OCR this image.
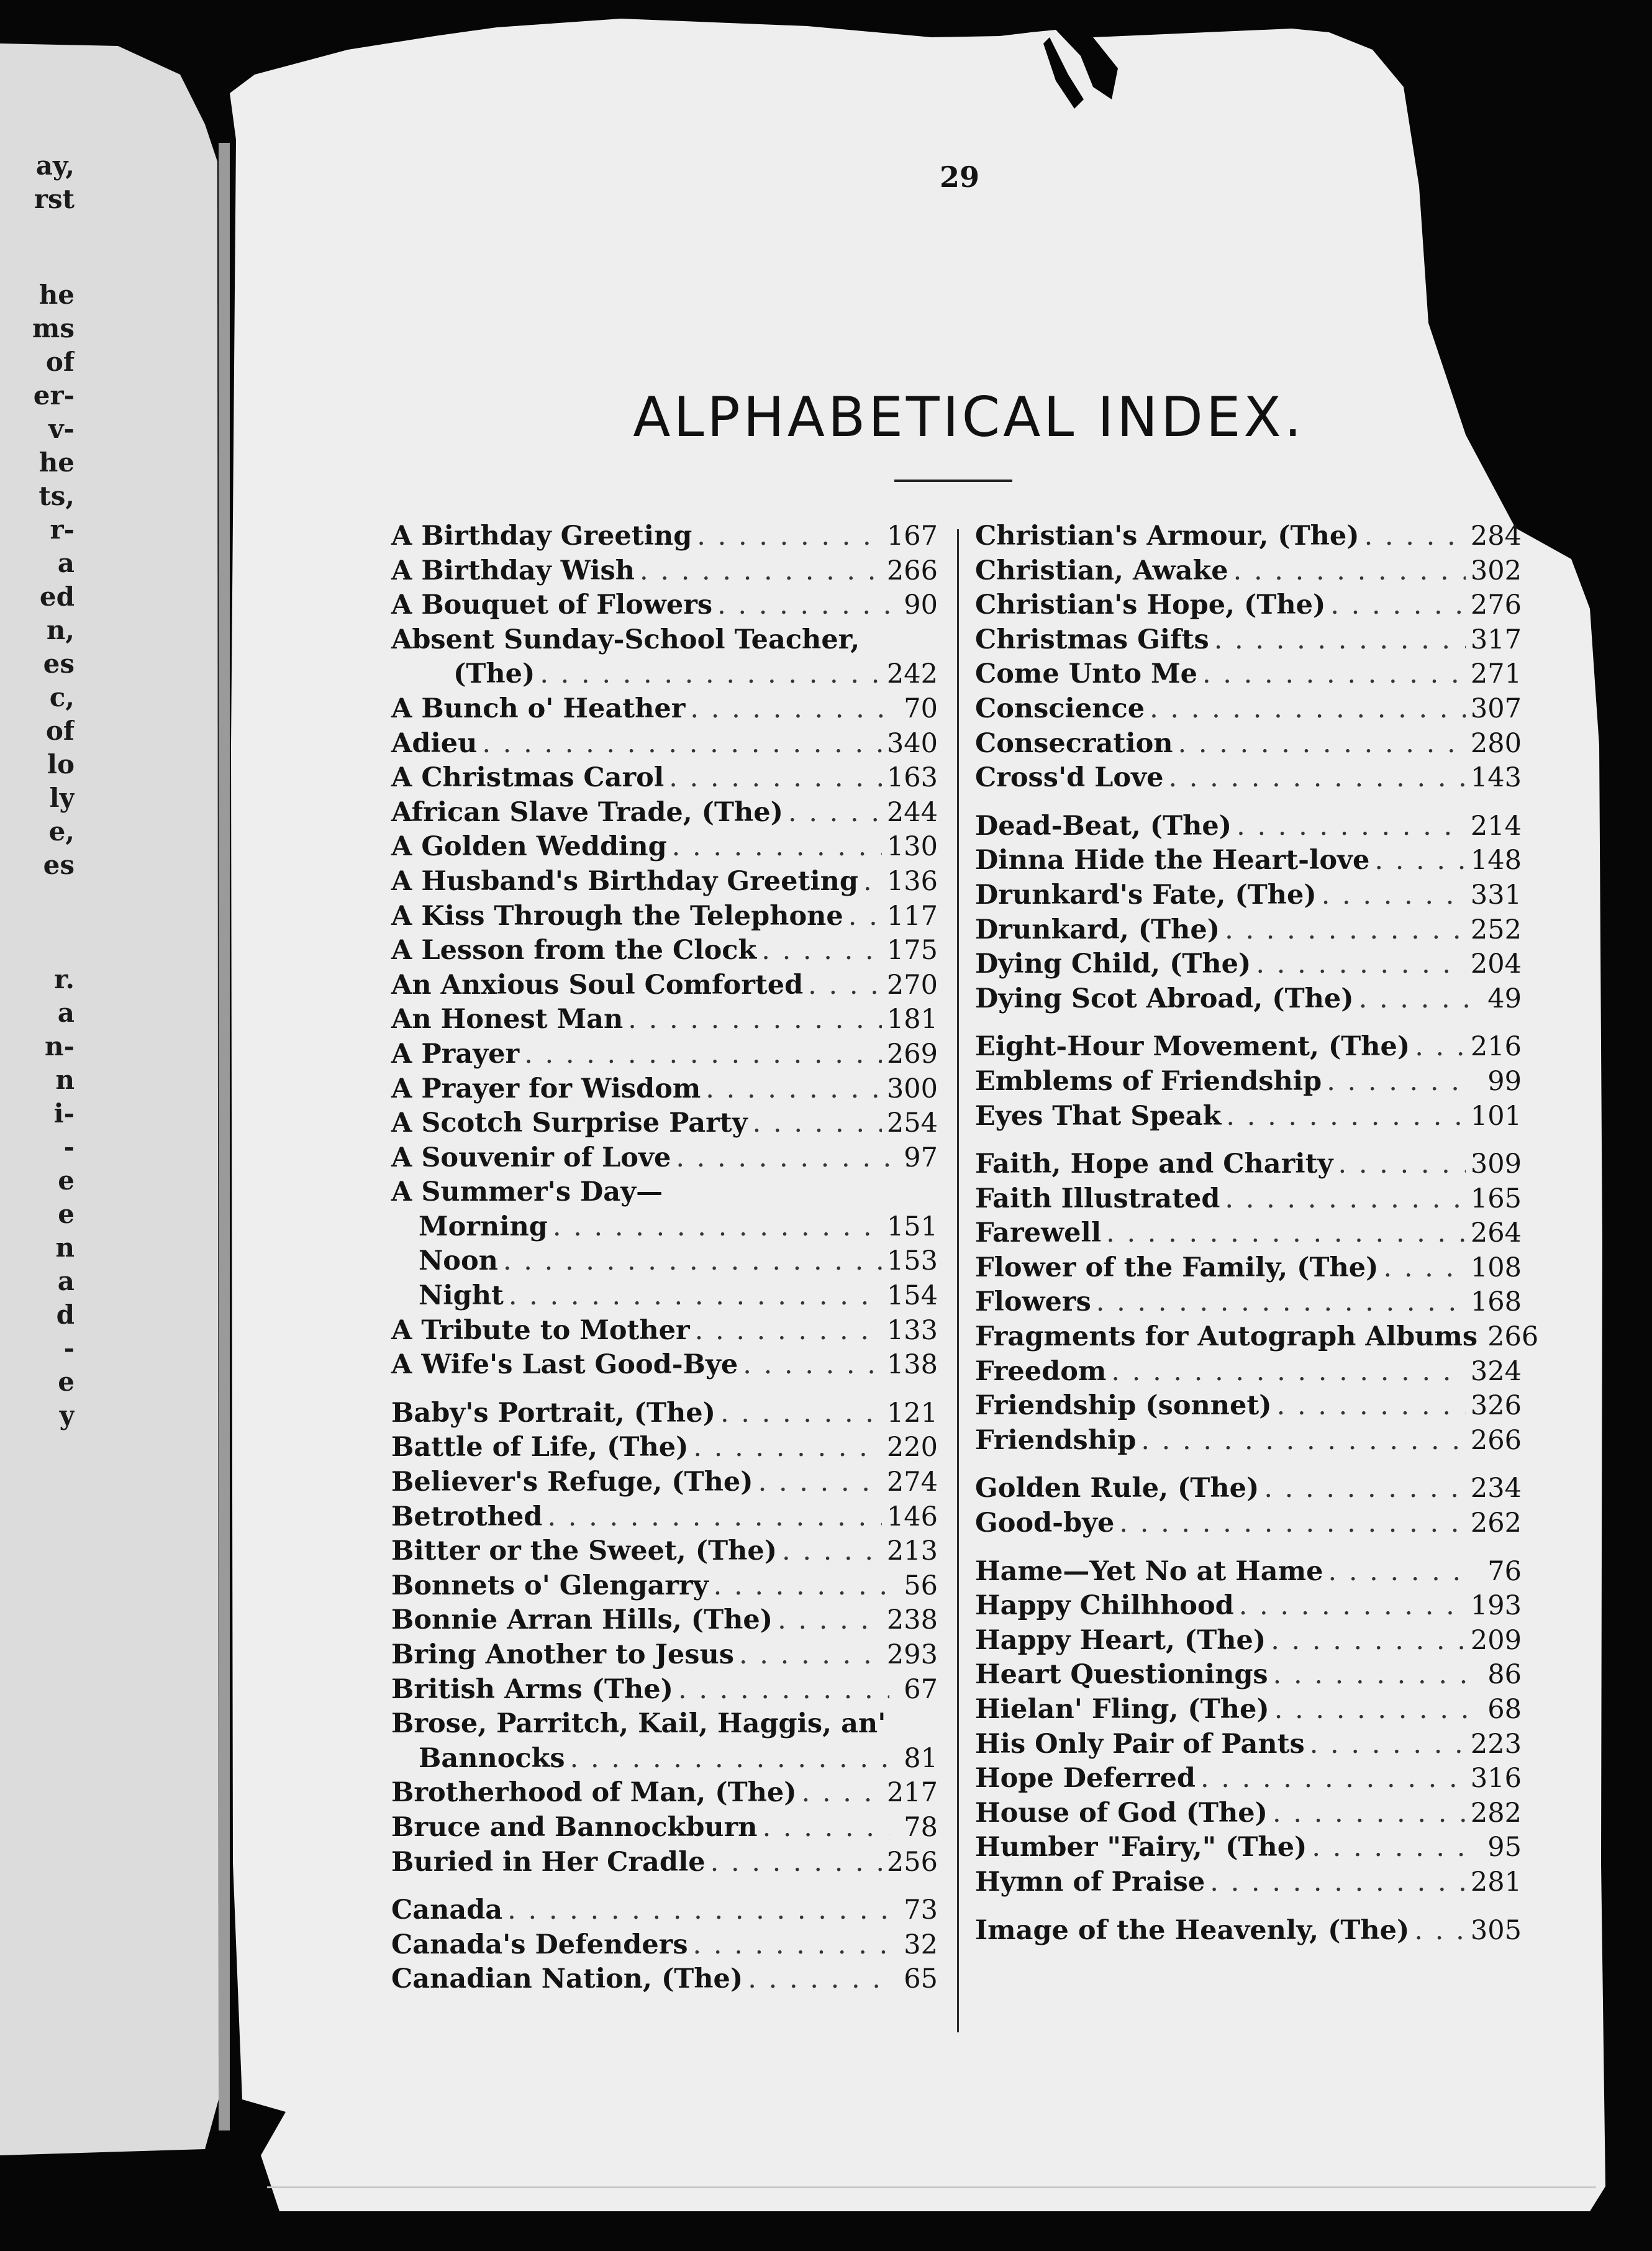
ay,
rst
he
ms
of
er-
v-
he
ts,
r-
a
ed
n,
es
c,
of
lo
ly
e,
es
r.
a
n-
n
i-
-
e
e
n
a
d
-
e
y
29
ALPHABETICAL INDEX.
A Birthday Greeting . . .	167
A Birthday Wish . . .	266
A Bouquet of Flowers . . .	90
Absent Sunday-School Teacher,
(The) . . .	242
A Bunch o' Heather . . .	70
Adieu . . .	340
A Christmas Carol . . .	163
African Slave Trade, (The) . . .	244
A Golden Wedding . . .	130
A Husband's Birthday Greeting . . . 136
A Kiss Through the Telephone . . . 117
A Lesson from the Clock . . .	175
An Anxious Soul Comforted . . .	270
An Honest Man . . .	181
A Prayer . . .	269
A Prayer for Wisdom . . .	300
A Scotch Surprise Party . . .	254
A Souvenir of Love . . .	97
A Summer's Day—
Morning . . .	151
Noon . . .	153
Night . . .	154
A Tribute to Mother . . .	133
A Wife's Last Good-Bye . . .	138
Baby's Portrait, (The) . . .	121
Battle of Life, (The) . . .	220
Believer's Refuge, (The) . . .	274
Betrothed . . .	146
Bitter or the Sweet, (The) . . .	213
Bonnets o' Glengarry . . .	56
Bonnie Arran Hills, (The) . . .	238
Bring Another to Jesus . . .	293
British Arms (The) . . .	67
Brose, Parritch, Kail, Haggis, an'
Bannocks . . .	81
Brotherhood of Man, (The) . . .	217
Bruce and Bannockburn . . .	78
Buried in Her Cradle . . .	256
Canada . . .	73
Canada's Defenders . . .	32
Canadian Nation, (The) . . .	65
Christian's Armour, (The) . . .	284
Christian, Awake . . .	302
Christian's Hope, (The) . . .	276
Christmas Gifts . . .	317
Come Unto Me . . .	271
Conscience . . .	307
Consecration . . .	280
Cross'd Love . . .	143
Dead-Beat, (The) . . .	214
Dinna Hide the Heart-love . . .	148
Drunkard's Fate, (The) . . .	331
Drunkard, (The) . . .	252
Dying Child, (The) . . .	204
Dying Scot Abroad, (The) . . .	49
Eight-Hour Movement, (The) . . . 216
Emblems of Friendship . . .	99
Eyes That Speak . . .	101
Faith, Hope and Charity . . .	309
Faith Illustrated . . .	165
Farewell . . .	264
Flower of the Family, (The) . . .	108
Flowers . . .	168
Fragments for Autograph Albums 266
Freedom . . .	324
Friendship (sonnet) . . .	326
Friendship . . .	266
Golden Rule, (The) . . .	234
Good-bye . . .	262
Hame—Yet No at Hame . . .	76
Happy Chilhhood . . .	193
Happy Heart, (The) . . .	209
Heart Questionings . . .	86
Hielan' Fling, (The) . . .	68
His Only Pair of Pants . . .	223
Hope Deferred . . .	316
House of God (The) . . .	282
Humber "Fairy," (The) . . .	95
Hymn of Praise . . .	281
Image of the Heavenly, (The) . . . 305
